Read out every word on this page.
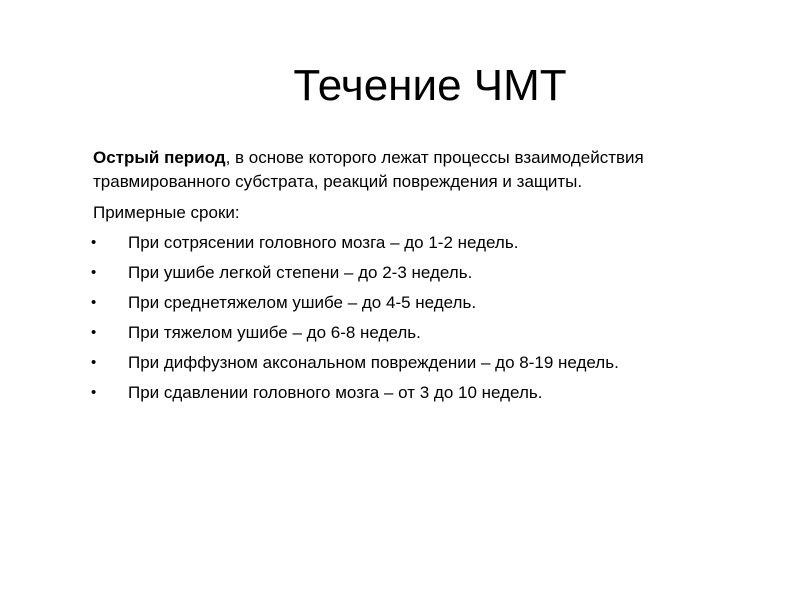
Течение ЧМТ

Острый период, в основе которого лежат процессы взаимодействия травмированного субстрата, реакций повреждения и защиты.

Примерные сроки:

• При сотрясении головного мозга – до 1-2 недель.
• При ушибе легкой степени – до 2-3 недель.
• При среднетяжелом ушибе – до 4-5 недель.
• При тяжелом ушибе – до 6-8 недель.
• При диффузном аксональном повреждении – до 8-19 недель.
• При сдавлении головного мозга – от 3 до 10 недель.
